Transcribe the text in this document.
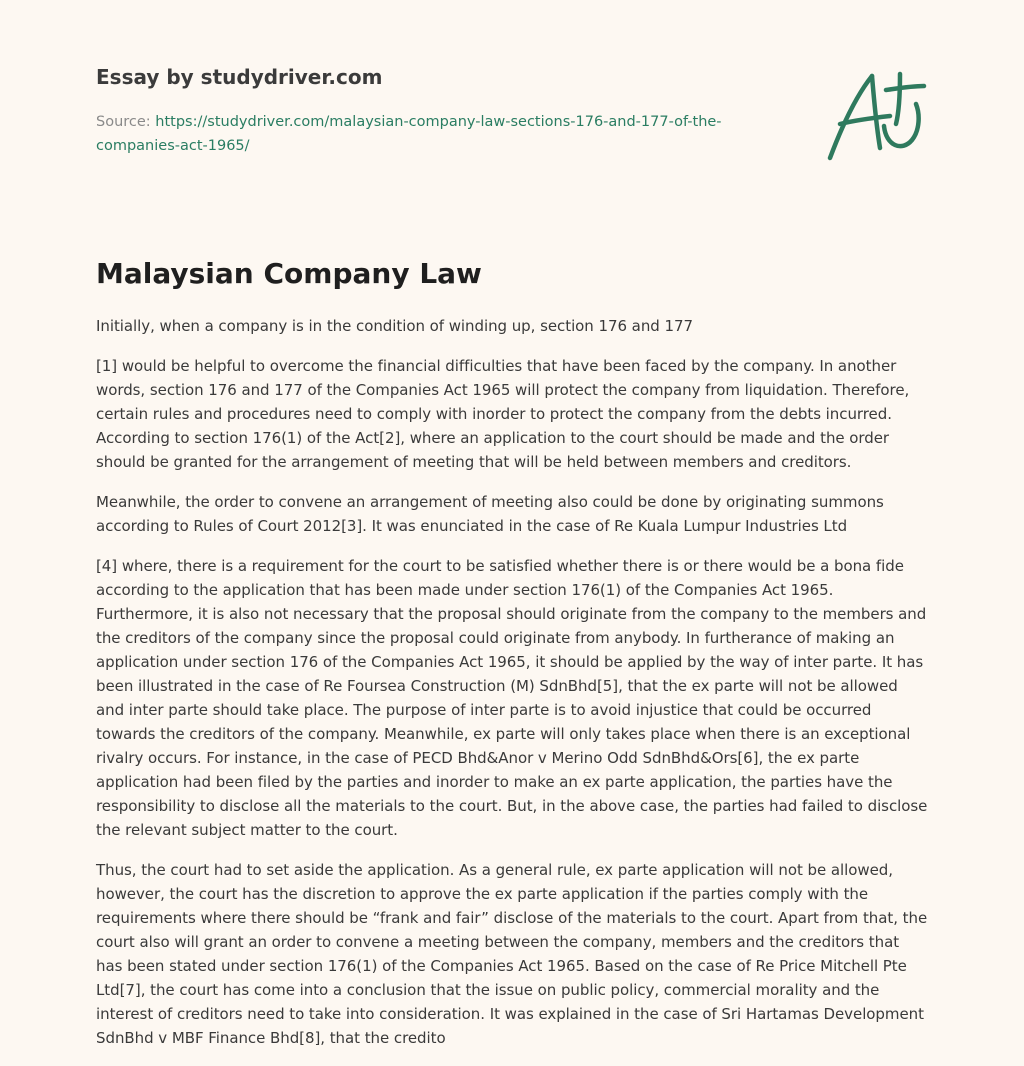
Essay by studydriver.com
Source: https://studydriver.com/malaysian-company-law-sections-176-and-177-of-the-companies-act-1965/
Malaysian Company Law

Initially, when a company is in the condition of winding up, section 176 and 177

[1] would be helpful to overcome the financial difficulties that have been faced by the company. In another words, section 176 and 177 of the Companies Act 1965 will protect the company from liquidation. Therefore, certain rules and procedures need to comply with inorder to protect the company from the debts incurred. According to section 176(1) of the Act[2], where an application to the court should be made and the order should be granted for the arrangement of meeting that will be held between members and creditors.

Meanwhile, the order to convene an arrangement of meeting also could be done by originating summons according to Rules of Court 2012[3]. It was enunciated in the case of Re Kuala Lumpur Industries Ltd

[4] where, there is a requirement for the court to be satisfied whether there is or there would be a bona fide according to the application that has been made under section 176(1) of the Companies Act 1965. Furthermore, it is also not necessary that the proposal should originate from the company to the members and the creditors of the company since the proposal could originate from anybody. In furtherance of making an application under section 176 of the Companies Act 1965, it should be applied by the way of inter parte. It has been illustrated in the case of Re Foursea Construction (M) SdnBhd[5], that the ex parte will not be allowed and inter parte should take place. The purpose of inter parte is to avoid injustice that could be occurred towards the creditors of the company. Meanwhile, ex parte will only takes place when there is an exceptional rivalry occurs. For instance, in the case of PECD Bhd&Anor v Merino Odd SdnBhd&Ors[6], the ex parte application had been filed by the parties and inorder to make an ex parte application, the parties have the responsibility to disclose all the materials to the court. But, in the above case, the parties had failed to disclose the relevant subject matter to the court.

Thus, the court had to set aside the application. As a general rule, ex parte application will not be allowed, however, the court has the discretion to approve the ex parte application if the parties comply with the requirements where there should be “frank and fair” disclose of the materials to the court. Apart from that, the court also will grant an order to convene a meeting between the company, members and the creditors that has been stated under section 176(1) of the Companies Act 1965. Based on the case of Re Price Mitchell Pte Ltd[7], the court has come into a conclusion that the issue on public policy, commercial morality and the interest of creditors need to take into consideration. It was explained in the case of Sri Hartamas Development SdnBhd v MBF Finance Bhd[8], that the credito
